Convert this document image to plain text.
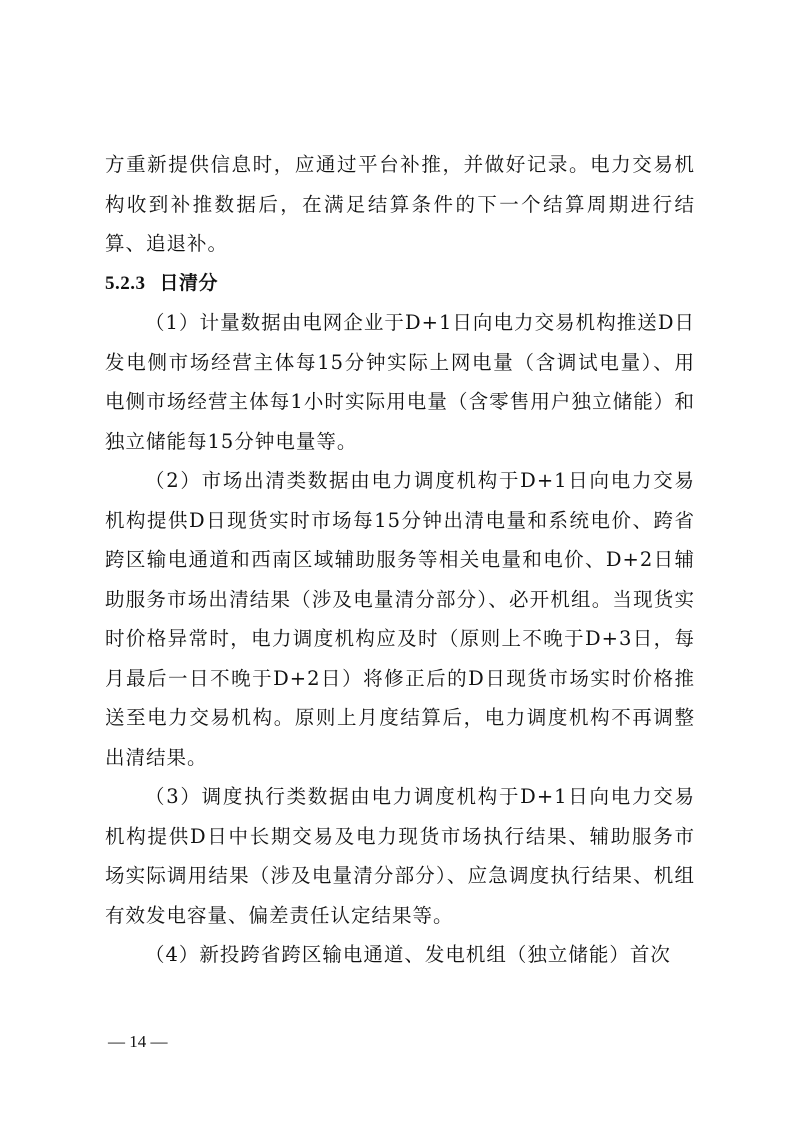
方重新提供信息时，应通过平台补推，并做好记录。电力交易机构收到补推数据后，在满足结算条件的下一个结算周期进行结算、追退补。

5.2.3 日清分

（1）计量数据由电网企业于D+1日向电力交易机构推送D日发电侧市场经营主体每15分钟实际上网电量（含调试电量）、用电侧市场经营主体每1小时实际用电量（含零售用户独立储能）和独立储能每15分钟电量等。

（2）市场出清类数据由电力调度机构于D+1日向电力交易机构提供D日现货实时市场每15分钟出清电量和系统电价、跨省跨区输电通道和西南区域辅助服务等相关电量和电价、D+2日辅助服务市场出清结果（涉及电量清分部分）、必开机组。当现货实时价格异常时，电力调度机构应及时（原则上不晚于D+3日，每月最后一日不晚于D+2日）将修正后的D日现货市场实时价格推送至电力交易机构。原则上月度结算后，电力调度机构不再调整出清结果。

（3）调度执行类数据由电力调度机构于D+1日向电力交易机构提供D日中长期交易及电力现货市场执行结果、辅助服务市场实际调用结果（涉及电量清分部分）、应急调度执行结果、机组有效发电容量、偏差责任认定结果等。

（4）新投跨省跨区输电通道、发电机组（独立储能）首次

— 14 —
